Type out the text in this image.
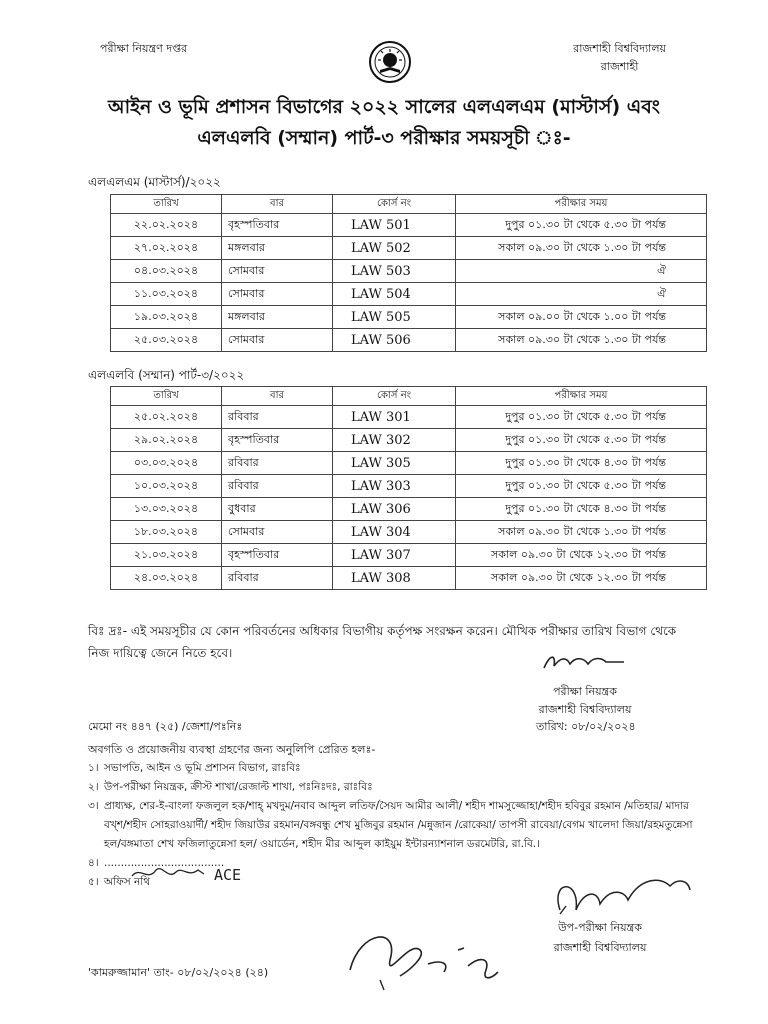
পরীক্ষা নিয়ন্ত্রণ দপ্তর	রাজশাহী বিশ্ববিদ্যালয়
রাজশাহী
আইন ও ভূমি প্রশাসন বিভাগের ২০২২ সালের এলএলএম (মাস্টার্স) এবং
এলএলবি (সম্মান) পার্ট-৩ পরীক্ষার সময়সূচী ঃ-
এলএলএম (মাস্টার্স)/২০২২
তারিখ	বার	কোর্স নং	পরীক্ষার সময়
২২.০২.২০২৪	বৃহস্পতিবার	LAW 501	দুপুর ০১.৩০ টা থেকে ৫.৩০ টা পর্যন্ত
২৭.০২.২০২৪	মঙ্গলবার	LAW 502	সকাল ০৯.৩০ টা থেকে ১.৩০ টা পর্যন্ত
০৪.০৩.২০২৪	সোমবার	LAW 503	ঐ
১১.০৩.২০২৪	সোমবার	LAW 504	ঐ
১৯.০৩.২০২৪	মঙ্গলবার	LAW 505	সকাল ০৯.০০ টা থেকে ১.০০ টা পর্যন্ত
২৫.০৩.২০২৪	সোমবার	LAW 506	সকাল ০৯.৩০ টা থেকে ১.৩০ টা পর্যন্ত
এলএলবি (সম্মান) পার্ট-৩/২০২২
তারিখ	বার	কোর্স নং	পরীক্ষার সময়
২৫.০২.২০২৪	রবিবার	LAW 301	দুপুর ০১.৩০ টা থেকে ৫.৩০ টা পর্যন্ত
২৯.০২.২০২৪	বৃহস্পতিবার	LAW 302	দুপুর ০১.৩০ টা থেকে ৫.৩০ টা পর্যন্ত
০৩.০৩.২০২৪	রবিবার	LAW 305	দুপুর ০১.৩০ টা থেকে ৪.৩০ টা পর্যন্ত
১০.০৩.২০২৪	রবিবার	LAW 303	দুপুর ০১.৩০ টা থেকে ৫.৩০ টা পর্যন্ত
১৩.০৩.২০২৪	বুধবার	LAW 306	দুপুর ০১.৩০ টা থেকে ৪.৩০ টা পর্যন্ত
১৮.০৩.২০২৪	সোমবার	LAW 304	সকাল ০৯.৩০ টা থেকে ১.৩০ টা পর্যন্ত
২১.০৩.২০২৪	বৃহস্পতিবার	LAW 307	সকাল ০৯.৩০ টা থেকে ১২.৩০ টা পর্যন্ত
২৪.০৩.২০২৪	রবিবার	LAW 308	সকাল ০৯.৩০ টা থেকে ১২.৩০ টা পর্যন্ত
বিঃ দ্রঃ- এই সময়সূচীর যে কোন পরিবর্তনের অধিকার বিভাগীয় কর্তৃপক্ষ সংরক্ষন করেন। মৌখিক পরীক্ষার তারিখ বিভাগ থেকে নিজ দায়িত্বে জেনে নিতে হবে।
পরীক্ষা নিয়ন্ত্রক
রাজশাহী বিশ্ববিদ্যালয়
মেমো নং ৪৪৭ (২৫) /জেশা/পঃনিঃ	তারিখ: ০৮/০২/২০২৪
অবগতি ও প্রয়োজনীয় ব্যবস্থা গ্রহণের জন্য অনুলিপি প্রেরিত হলঃ-
১। সভাপতি, আইন ও ভূমি প্রশাসন বিভাগ, রাঃবিঃ
২। উপ-পরীক্ষা নিয়ন্ত্রক, ক্রীস্ট শাখা/রেজাল্ট শাখা, পঃনিঃদঃ, রাঃবিঃ
৩। প্রাধ্যক্ষ, শের-ই-বাংলা ফজলুল হক/শাহ্ মখদুম/নবাব আব্দুল লতিফ/সৈয়দ আমীর আলী/ শহীদ শামসুজ্জোহা/শহীদ হবিবুর রহমান /মতিহার/ মাদার বখ্শ/শহীদ সোহরাওয়ার্দী/ শহীদ জিয়াউর রহমান/বঙ্গবন্ধু শেখ মুজিবুর রহমান /মন্নুজান /রোকেয়া/ তাপসী রাবেয়া/বেগম খালেদা জিয়া/রহমতুন্নেসা হল/বঙ্গমাতা শেখ ফজিলাতুন্নেসা হল/ ওয়ার্ডেন, শহীদ মীর আব্দুল কাইয়ুম ইন্টারন্যাশনাল ডরমেটরি, রা.বি.।
৪। ....................................
৫। অফিস নথি	ACE
উপ-পরীক্ষা নিয়ন্ত্রক
রাজশাহী বিশ্ববিদ্যালয়
'কামরুজ্জামান' তাং- ০৮/০২/২০২৪ (২৪)
